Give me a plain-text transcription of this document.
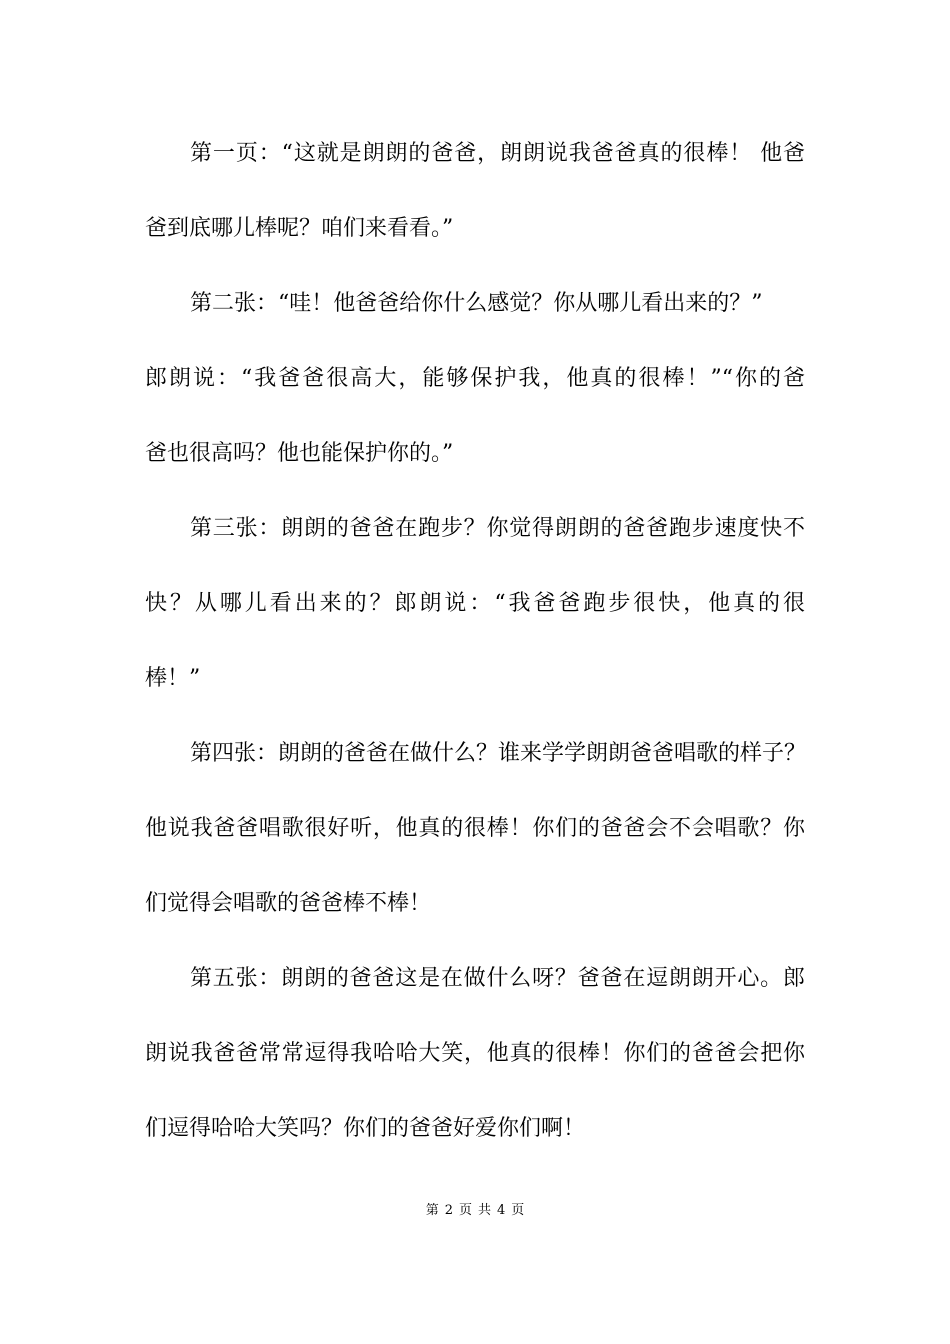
第一页：“这就是朗朗的爸爸，朗朗说我爸爸真的很棒！ 他爸
爸到底哪儿棒呢？咱们来看看。”
第二张：“哇！他爸爸给你什么感觉？你从哪儿看出来的？”
郎朗说：“我爸爸很高大，能够保护我，他真的很棒！”“你的爸
爸也很高吗？他也能保护你的。”
第三张：朗朗的爸爸在跑步？你觉得朗朗的爸爸跑步速度快不
快？从哪儿看出来的？郎朗说：“我爸爸跑步很快，他真的很
棒！”
第四张：朗朗的爸爸在做什么？谁来学学朗朗爸爸唱歌的样子？
他说我爸爸唱歌很好听，他真的很棒！你们的爸爸会不会唱歌？你
们觉得会唱歌的爸爸棒不棒！
第五张：朗朗的爸爸这是在做什么呀？爸爸在逗朗朗开心。郎
朗说我爸爸常常逗得我哈哈大笑，他真的很棒！你们的爸爸会把你
们逗得哈哈大笑吗？你们的爸爸好爱你们啊！
第 2 页 共 4 页
